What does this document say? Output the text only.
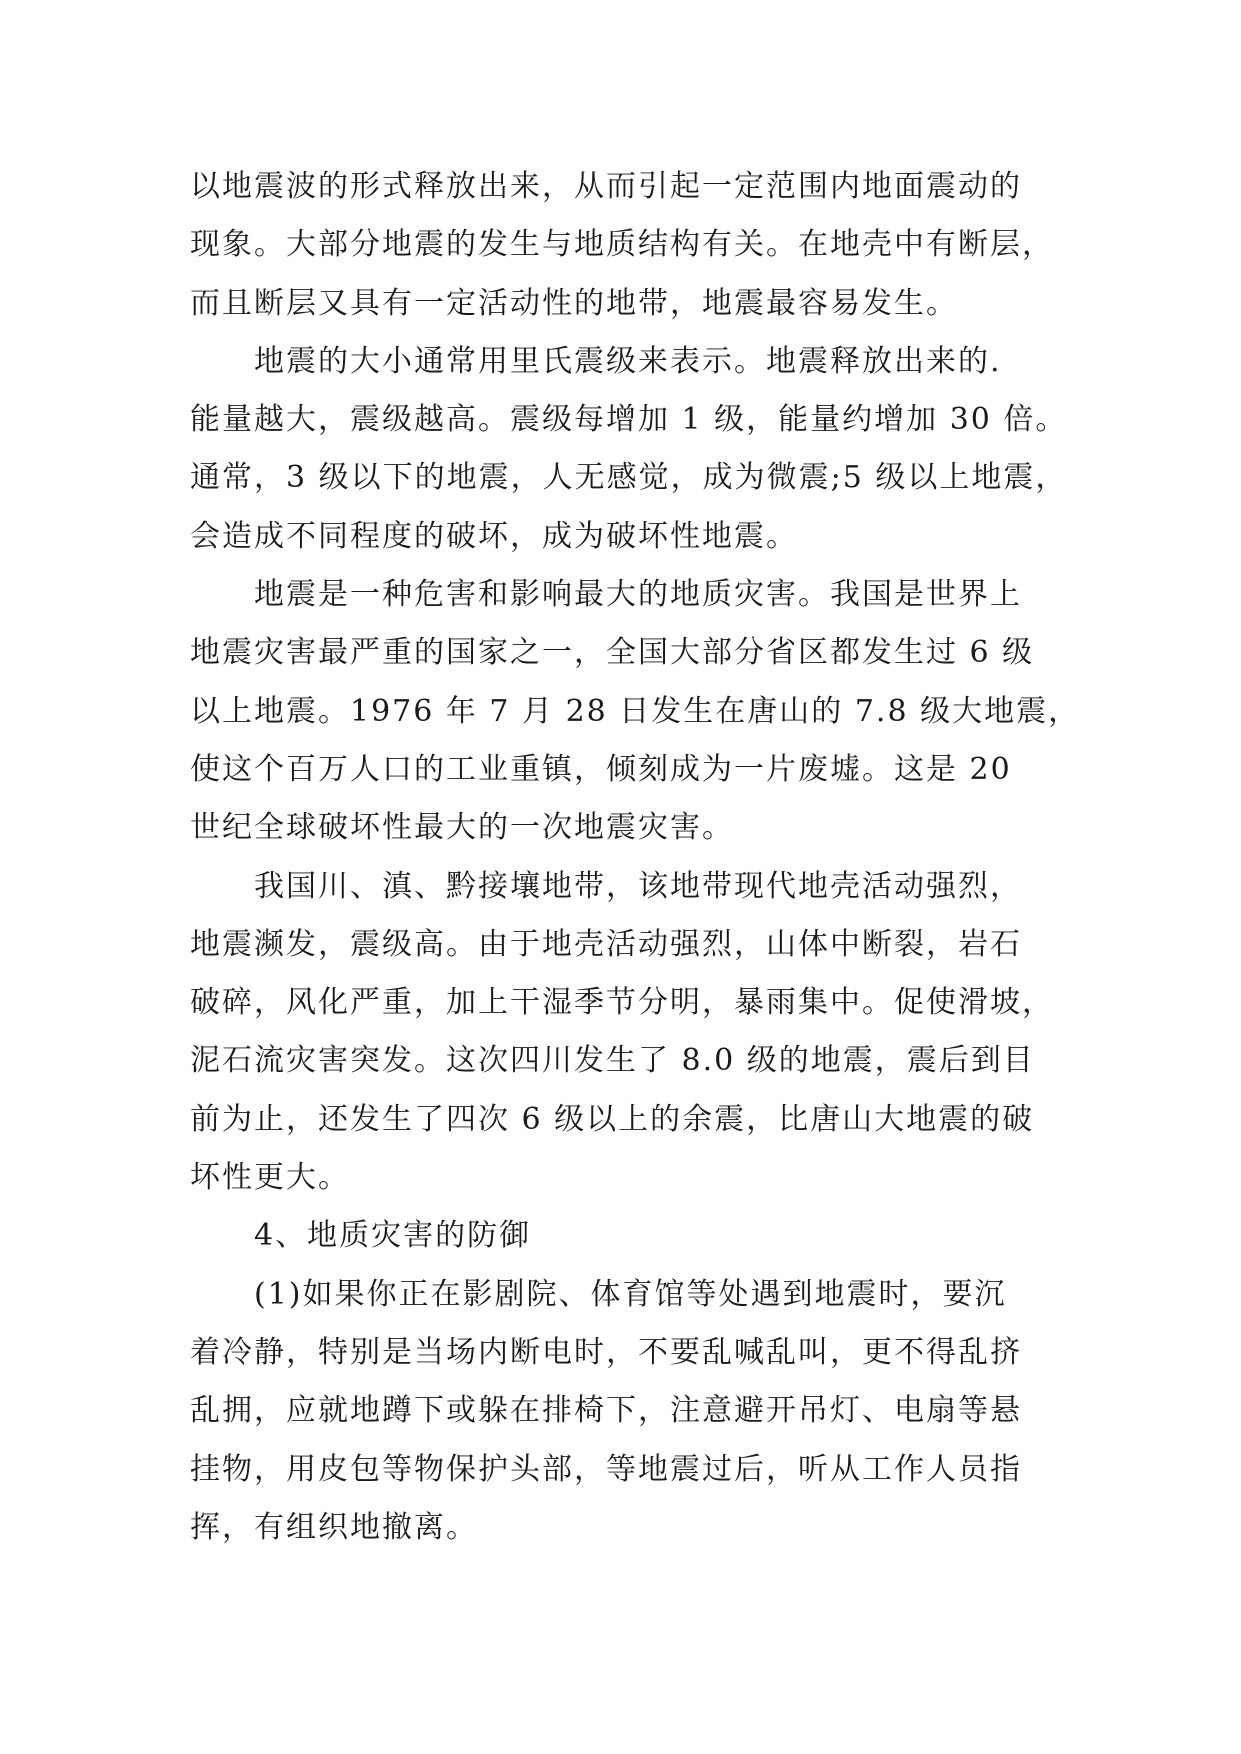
以地震波的形式释放出来，从而引起一定范围内地面震动的
现象。大部分地震的发生与地质结构有关。在地壳中有断层，
而且断层又具有一定活动性的地带，地震最容易发生。
地震的大小通常用里氏震级来表示。地震释放出来的.
能量越大，震级越高。震级每增加 1 级，能量约增加 30 倍。
通常，3 级以下的地震，人无感觉，成为微震;5 级以上地震，
会造成不同程度的破坏，成为破坏性地震。
地震是一种危害和影响最大的地质灾害。我国是世界上
地震灾害最严重的国家之一，全国大部分省区都发生过 6 级
以上地震。1976 年 7 月 28 日发生在唐山的 7.8 级大地震，
使这个百万人口的工业重镇，倾刻成为一片废墟。这是 20
世纪全球破坏性最大的一次地震灾害。
我国川、滇、黔接壤地带，该地带现代地壳活动强烈，
地震濒发，震级高。由于地壳活动强烈，山体中断裂，岩石
破碎，风化严重，加上干湿季节分明，暴雨集中。促使滑坡，
泥石流灾害突发。这次四川发生了 8.0 级的地震，震后到目
前为止，还发生了四次 6 级以上的余震，比唐山大地震的破
坏性更大。
4、地质灾害的防御
(1)如果你正在影剧院、体育馆等处遇到地震时，要沉
着冷静，特别是当场内断电时，不要乱喊乱叫，更不得乱挤
乱拥，应就地蹲下或躲在排椅下，注意避开吊灯、电扇等悬
挂物，用皮包等物保护头部，等地震过后，听从工作人员指
挥，有组织地撤离。
